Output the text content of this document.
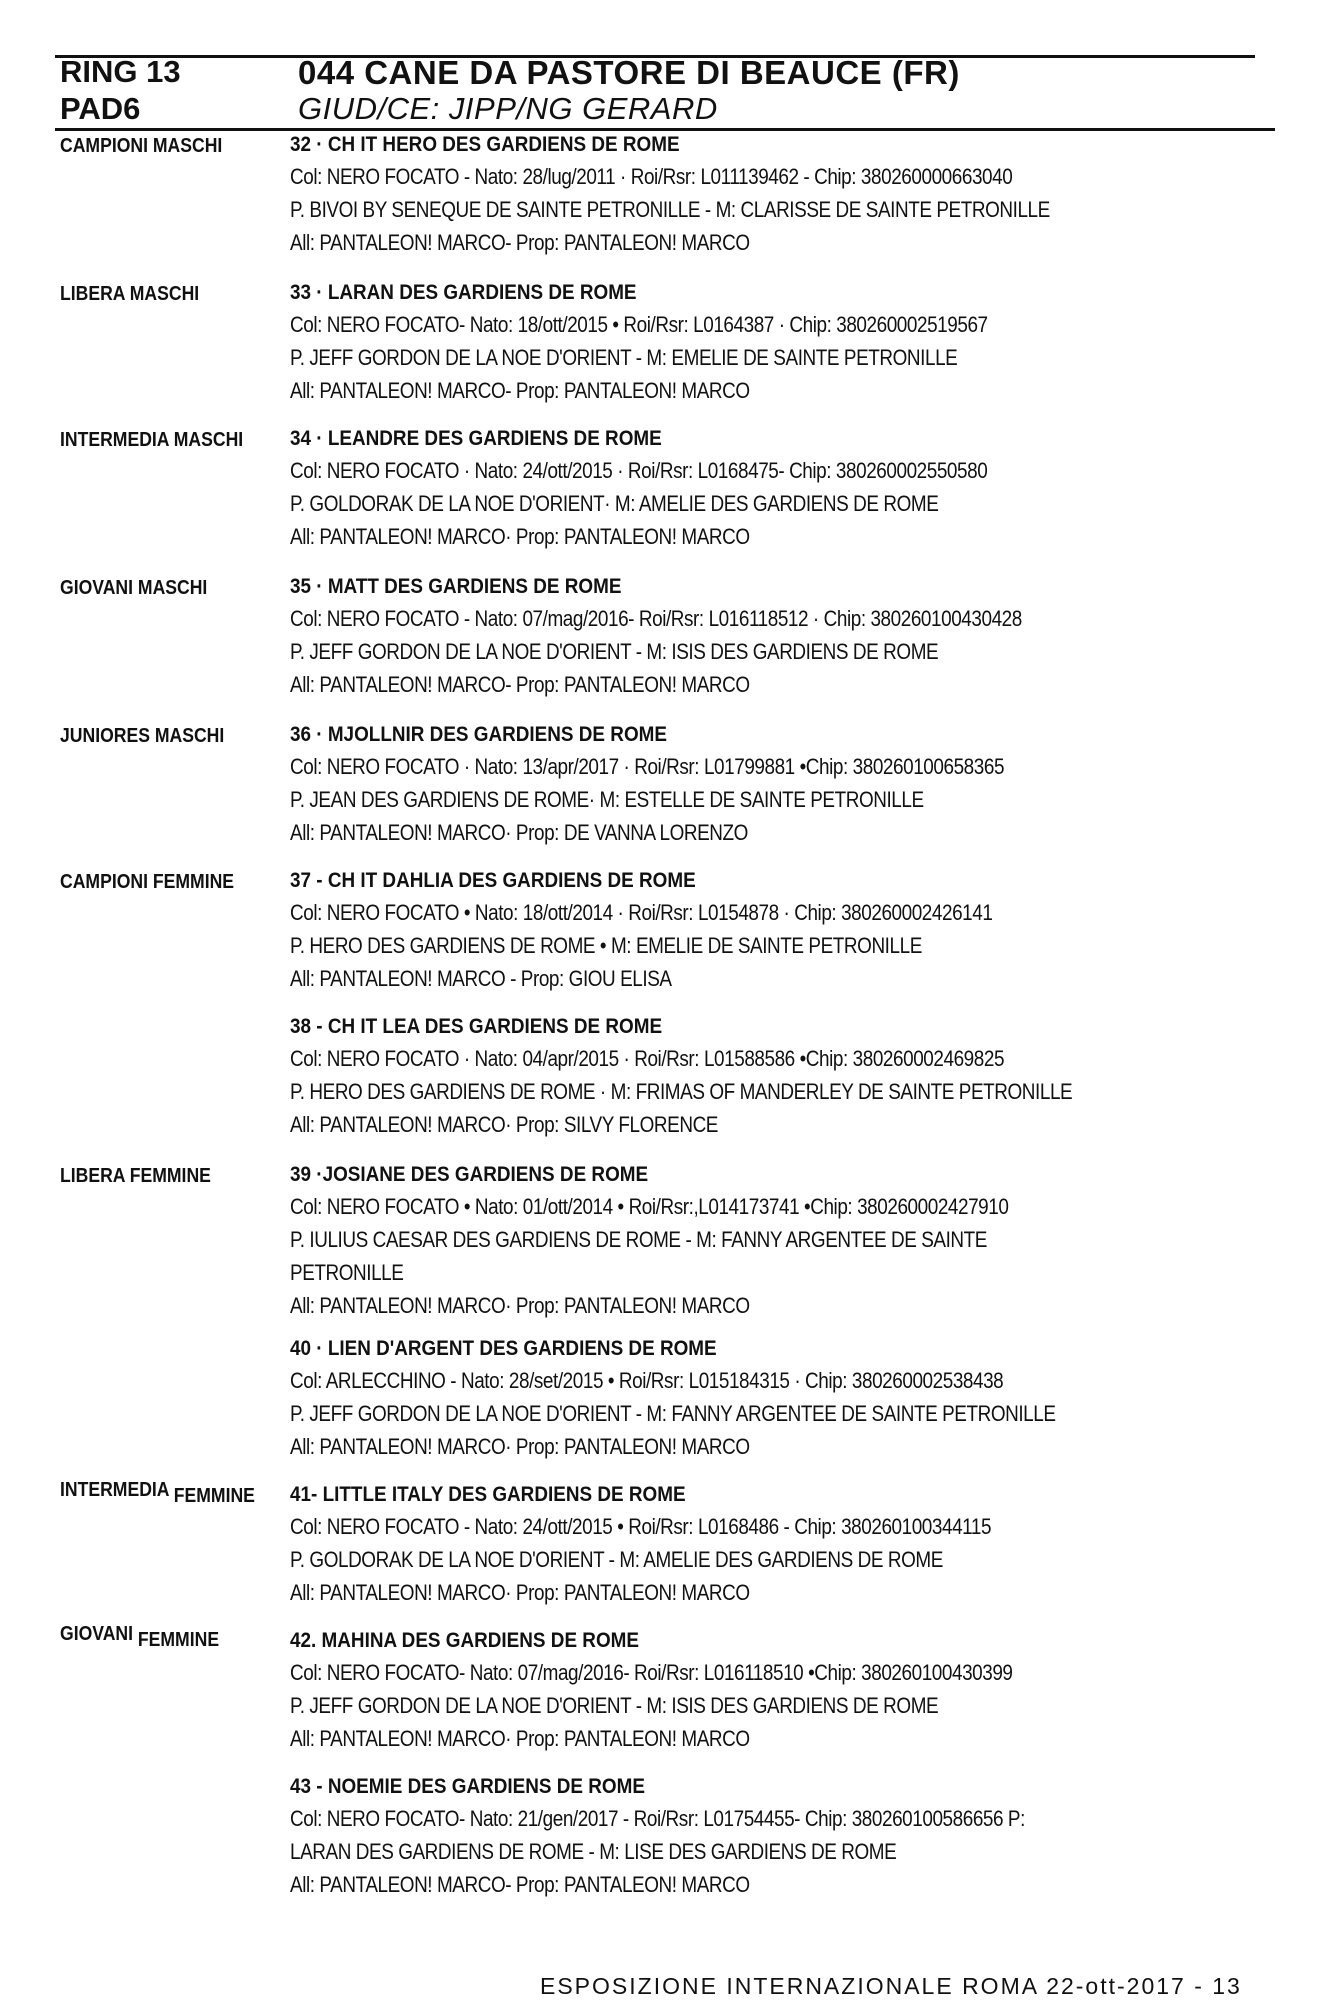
RING 13
PAD6
044 CANE DA PASTORE DI BEAUCE (FR)
GIUD/CE: JIPP/NG GERARD
CAMPIONI MASCHI
LIBERA MASCHI
INTERMEDIA MASCHI
GIOVANI MASCHI
JUNIORES MASCHI
CAMPIONI FEMMINE
LIBERA FEMMINE
INTERMEDIA FEMMINE
GIOVANI FEMMINE
32 · CH IT HERO DES GARDIENS DE ROME
Col: NERO FOCATO - Nato: 28/lug/2011 · Roi/Rsr: L011139462 - Chip: 380260000663040
P. BIVOI BY SENEQUE DE SAINTE PETRONILLE - M: CLARISSE DE SAINTE PETRONILLE
All: PANTALEON! MARCO- Prop: PANTALEON! MARCO
33 · LARAN DES GARDIENS DE ROME
Col: NERO FOCATO- Nato: 18/ott/2015 • Roi/Rsr: L0164387 · Chip: 380260002519567
P. JEFF GORDON DE LA NOE D'ORIENT - M: EMELIE DE SAINTE PETRONILLE
All: PANTALEON! MARCO- Prop: PANTALEON! MARCO
34 · LEANDRE DES GARDIENS DE ROME
Col: NERO FOCATO · Nato: 24/ott/2015 · Roi/Rsr: L0168475- Chip: 380260002550580
P. GOLDORAK DE LA NOE D'ORIENT· M: AMELIE DES GARDIENS DE ROME
All: PANTALEON! MARCO· Prop: PANTALEON! MARCO
35 · MATT DES GARDIENS DE ROME
Col: NERO FOCATO - Nato: 07/mag/2016- Roi/Rsr: L016118512 · Chip: 380260100430428
P. JEFF GORDON DE LA NOE D'ORIENT - M: ISIS DES GARDIENS DE ROME
All: PANTALEON! MARCO- Prop: PANTALEON! MARCO
36 · MJOLLNIR DES GARDIENS DE ROME
Col: NERO FOCATO · Nato: 13/apr/2017 · Roi/Rsr: L01799881 •Chip: 380260100658365
P. JEAN DES GARDIENS DE ROME· M: ESTELLE DE SAINTE PETRONILLE
All: PANTALEON! MARCO· Prop: DE VANNA LORENZO
37 - CH IT DAHLIA DES GARDIENS DE ROME
Col: NERO FOCATO • Nato: 18/ott/2014 · Roi/Rsr: L0154878 · Chip: 380260002426141
P. HERO DES GARDIENS DE ROME • M: EMELIE DE SAINTE PETRONILLE
All: PANTALEON! MARCO - Prop: GIOU ELISA
38 - CH IT LEA DES GARDIENS DE ROME
Col: NERO FOCATO · Nato: 04/apr/2015 · Roi/Rsr: L01588586 •Chip: 380260002469825
P. HERO DES GARDIENS DE ROME · M: FRIMAS OF MANDERLEY DE SAINTE PETRONILLE
All: PANTALEON! MARCO· Prop: SILVY FLORENCE
39 ·JOSIANE DES GARDIENS DE ROME
Col: NERO FOCATO • Nato: 01/ott/2014 • Roi/Rsr:,L014173741 •Chip: 380260002427910
P. IULIUS CAESAR DES GARDIENS DE ROME - M: FANNY ARGENTEE DE SAINTE
PETRONILLE
All: PANTALEON! MARCO· Prop: PANTALEON! MARCO
40 · LIEN D'ARGENT DES GARDIENS DE ROME
Col: ARLECCHINO - Nato: 28/set/2015 • Roi/Rsr: L015184315 · Chip: 380260002538438
P. JEFF GORDON DE LA NOE D'ORIENT - M: FANNY ARGENTEE DE SAINTE PETRONILLE
All: PANTALEON! MARCO· Prop: PANTALEON! MARCO
41- LITTLE ITALY DES GARDIENS DE ROME
Col: NERO FOCATO - Nato: 24/ott/2015 • Roi/Rsr: L0168486 - Chip: 380260100344115
P. GOLDORAK DE LA NOE D'ORIENT - M: AMELIE DES GARDIENS DE ROME
All: PANTALEON! MARCO· Prop: PANTALEON! MARCO
42. MAHINA DES GARDIENS DE ROME
Col: NERO FOCATO- Nato: 07/mag/2016- Roi/Rsr: L016118510 •Chip: 380260100430399
P. JEFF GORDON DE LA NOE D'ORIENT - M: ISIS DES GARDIENS DE ROME
All: PANTALEON! MARCO· Prop: PANTALEON! MARCO
43 - NOEMIE DES GARDIENS DE ROME
Col: NERO FOCATO- Nato: 21/gen/2017 - Roi/Rsr: L01754455- Chip: 380260100586656 P:
LARAN DES GARDIENS DE ROME - M: LISE DES GARDIENS DE ROME
All: PANTALEON! MARCO- Prop: PANTALEON! MARCO
ESPOSIZIONE INTERNAZIONALE ROMA 22-ott-2017 - 13
